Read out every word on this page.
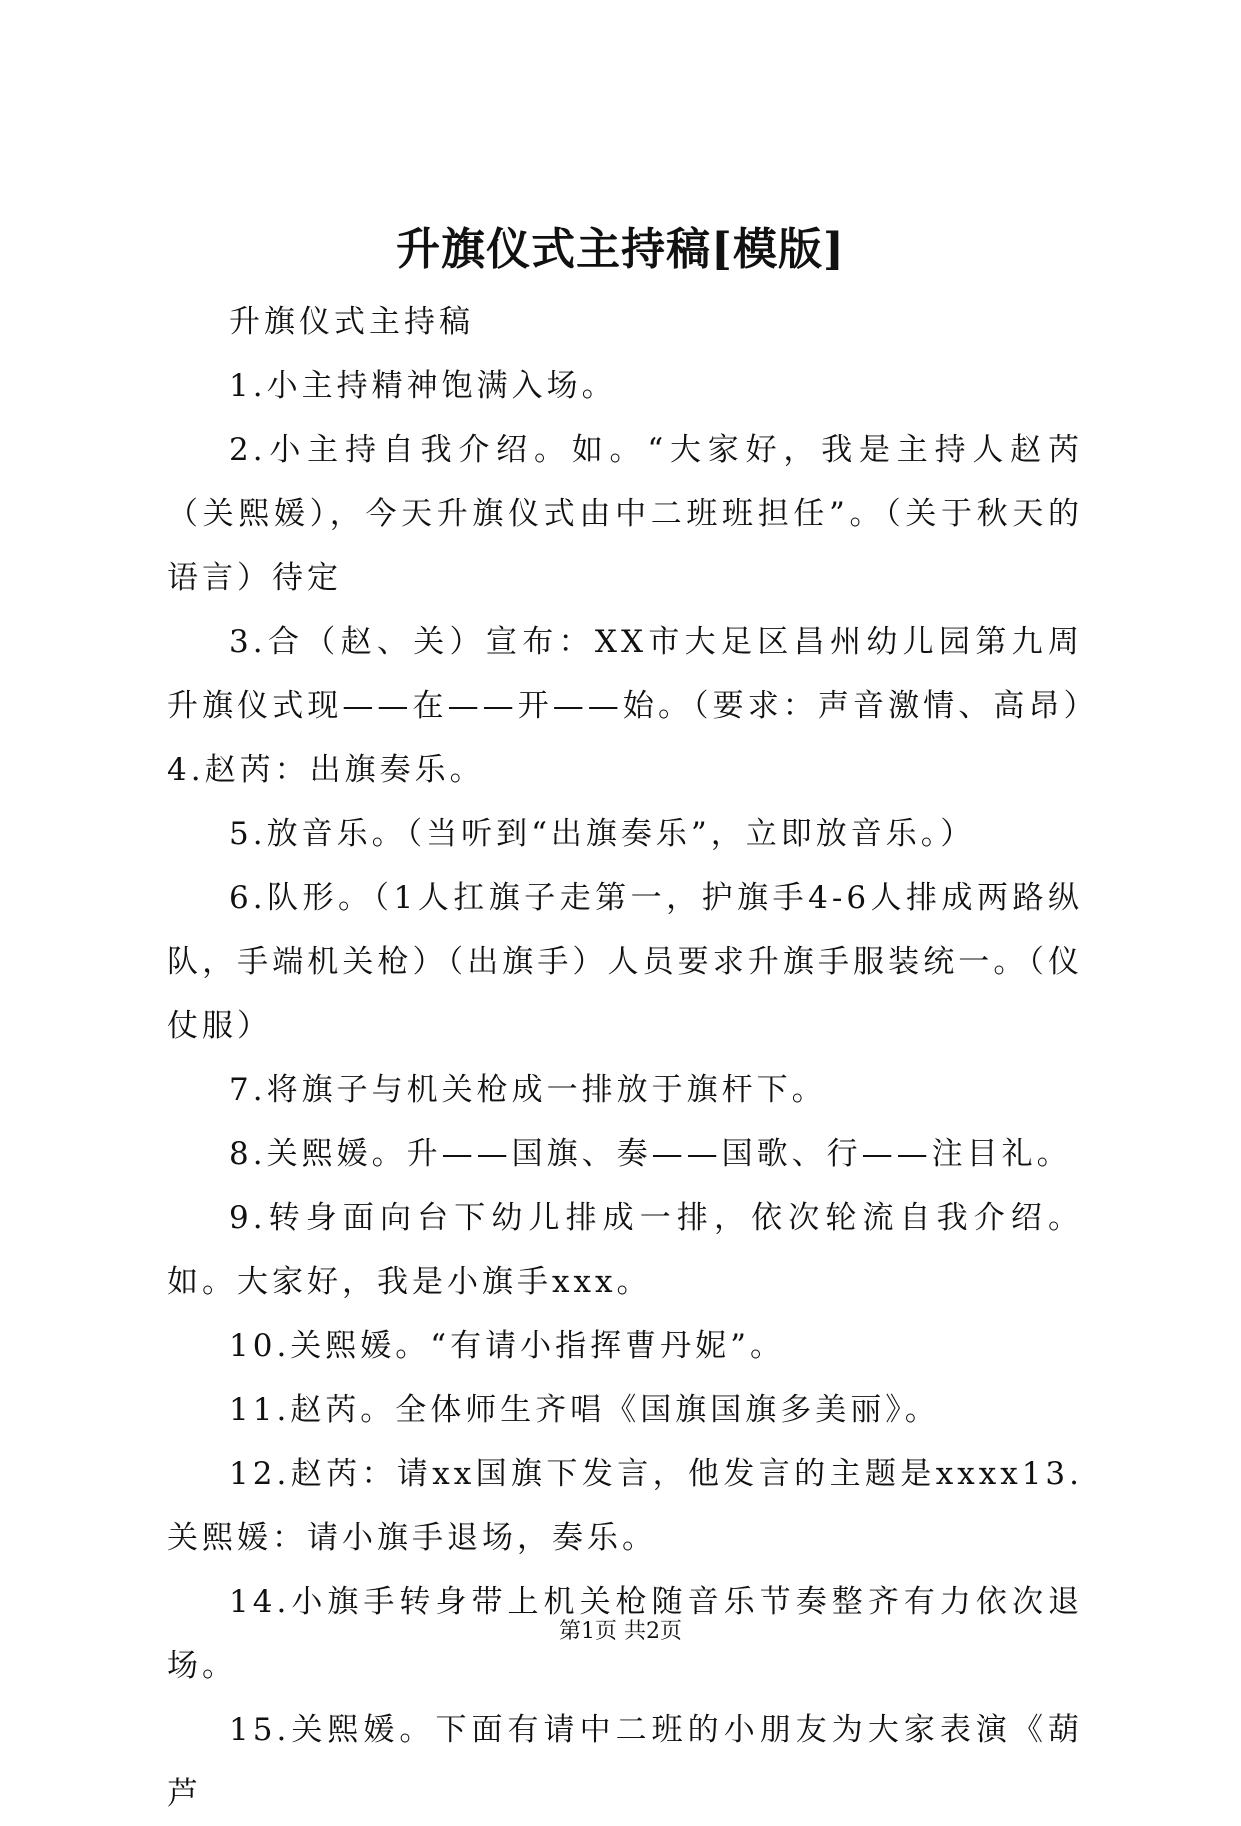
升旗仪式主持稿[模版]

升旗仪式主持稿

1.小主持精神饱满入场。

2.小主持自我介绍。如。“大家好，我是主持人赵芮（关熙媛），今天升旗仪式由中二班班担任”。（关于秋天的语言）待定

3.合（赵、关）宣布：XX市大足区昌州幼儿园第九周升旗仪式现——在——开——始。（要求：声音激情、高昂）4.赵芮：出旗奏乐。

5.放音乐。（当听到“出旗奏乐”，立即放音乐。）

6.队形。（1人扛旗子走第一，护旗手4-6人排成两路纵队，手端机关枪）（出旗手）人员要求升旗手服装统一。（仪仗服）

7.将旗子与机关枪成一排放于旗杆下。

8.关熙媛。升——国旗、奏——国歌、行——注目礼。

9.转身面向台下幼儿排成一排，依次轮流自我介绍。如。大家好，我是小旗手xxx。

10.关熙媛。“有请小指挥曹丹妮”。

11.赵芮。全体师生齐唱《国旗国旗多美丽》。

12.赵芮：请xx国旗下发言，他发言的主题是xxxx13.关熙媛：请小旗手退场，奏乐。

14.小旗手转身带上机关枪随音乐节奏整齐有力依次退场。

15.关熙媛。下面有请中二班的小朋友为大家表演《葫芦

第1页 共2页
